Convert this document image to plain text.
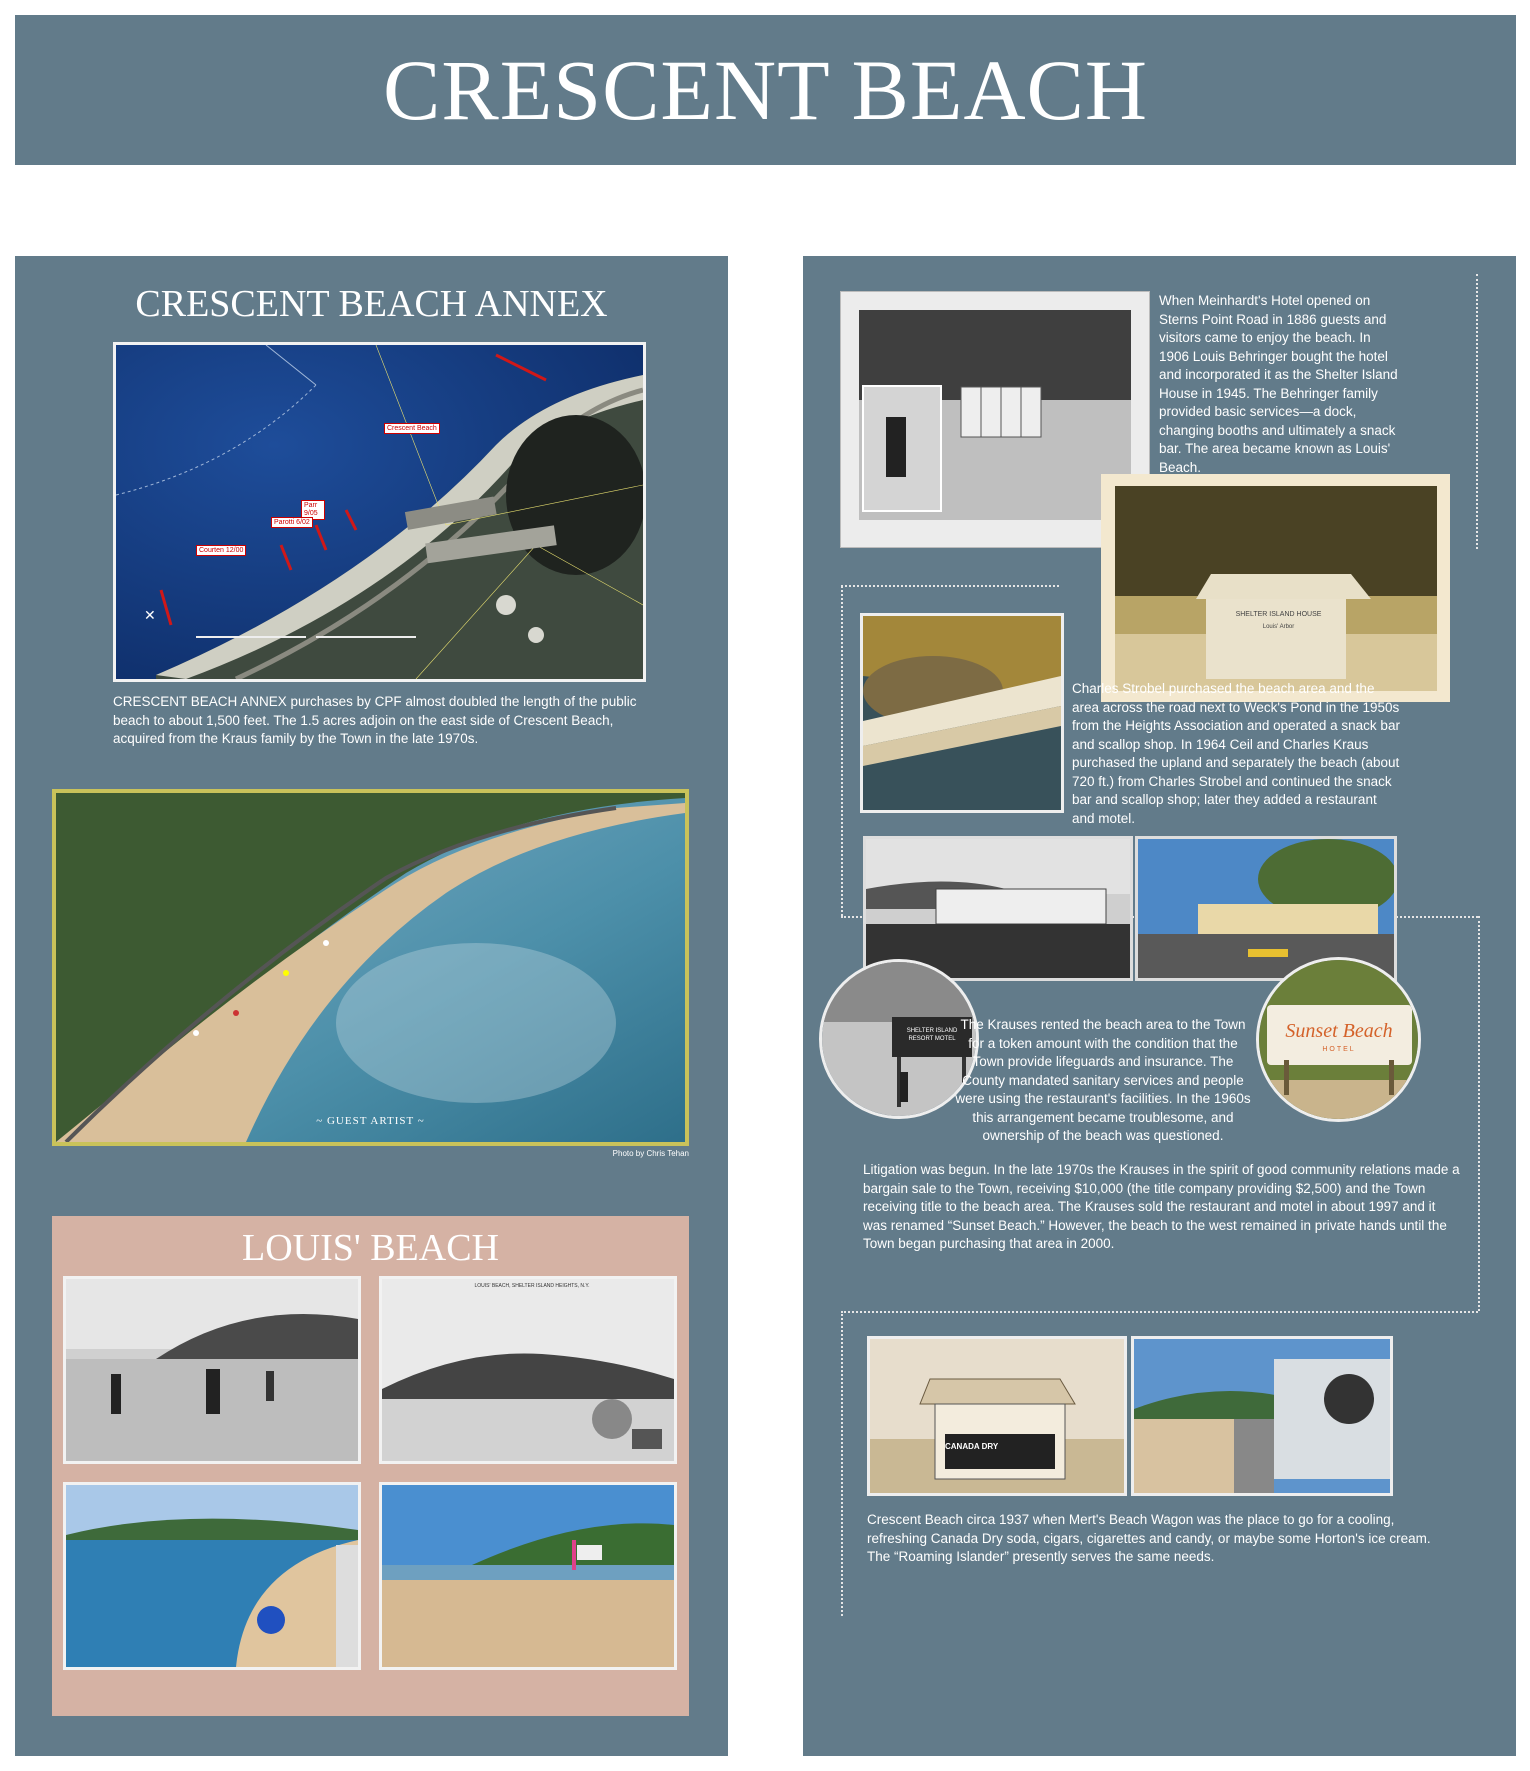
CRESCENT BEACH
CRESCENT BEACH ANNEX
✕
Crescent Beach
Parr 9/05
Parotti 6/02
Courten 12/00
CRESCENT BEACH ANNEX purchases by CPF almost doubled the length of the public beach to about 1,500 feet. The 1.5 acres adjoin on the east side of Crescent Beach, acquired from the Kraus family by the Town in the late 1970s.
~ GUEST ARTIST ~
Photo by Chris Tehan
LOUIS' BEACH
LOUIS' BEACH, SHELTER ISLAND HEIGHTS, N.Y.
When Meinhardt's Hotel opened on Sterns Point Road in 1886 guests and visitors came to enjoy the beach. In 1906 Louis Behringer bought the hotel and incorporated it as the Shelter Island House in 1945. The Behringer family provided basic services—a dock, changing booths and ultimately a snack bar. The area became known as Louis' Beach.
SHELTER ISLAND HOUSE
Louis' Arbor
Charles Strobel purchased the beach area and the area across the road next to Weck's Pond in the 1950s from the Heights Association and operated a snack bar and scallop shop. In 1964 Ceil and Charles Kraus purchased the upland and separately the beach (about 720 ft.) from Charles Strobel and continued the snack bar and scallop shop; later they added a restaurant and motel.
SHELTER ISLAND RESORT MOTEL	Sunset Beach
HOTEL
The Krauses rented the beach area to the Town for a token amount with the condition that the Town provide lifeguards and insurance. The County mandated sanitary services and people were using the restaurant's facilities. In the 1960s this arrangement became troublesome, and ownership of the beach was questioned.
Litigation was begun. In the late 1970s the Krauses in the spirit of good community relations made a bargain sale to the Town, receiving $10,000 (the title company providing $2,500) and the Town receiving title to the beach area. The Krauses sold the restaurant and motel in about 1997 and it was renamed “Sunset Beach.” However, the beach to the west remained in private hands until the Town began purchasing that area in 2000.
CANADA DRY
Crescent Beach circa 1937 when Mert's Beach Wagon was the place to go for a cooling, refreshing Canada Dry soda, cigars, cigarettes and candy, or maybe some Horton's ice cream. The “Roaming Islander” presently serves the same needs.
